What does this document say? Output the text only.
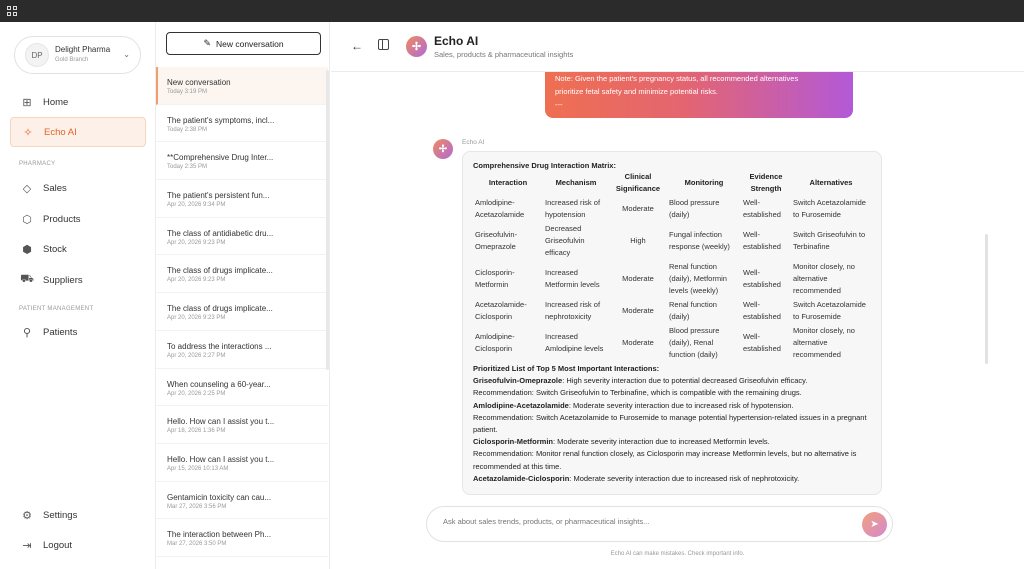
DP
Delight Pharma
Gold Branch
⌄
⊞ Home
✧ Echo AI
PHARMACY
◇ Sales
⬡ Products
⬢ Stock
⛟ Suppliers
PATIENT MANAGEMENT
⚲	Patients
⚙ Settings
⇥ Logout
✎ New conversation
New conversation
Today 3:19 PM
The patient's symptoms, incl...
Today 2:38 PM
**Comprehensive Drug Inter...
Today 2:35 PM
The patient's persistent fun...
Apr 20, 2026 9:34 PM
The class of antidiabetic dru...
Apr 20, 2026 9:23 PM
The class of drugs implicate...
Apr 20, 2026 9:23 PM
The class of drugs implicate...
Apr 20, 2026 9:23 PM
To address the interactions ...
Apr 20, 2026 2:27 PM
When counseling a 60-year...
Apr 20, 2026 2:25 PM
Hello. How can I assist you t...
Apr 18, 2026 1:36 PM
Hello. How can I assist you t...
Apr 15, 2026 10:13 AM
Gentamicin toxicity can cau...
Mar 27, 2026 3:56 PM
The interaction between Ph...
Mar 27, 2026 3:50 PM
←	✢	Echo AI
Sales, products & pharmaceutical insights

Note: Given the patient's pregnancy status, all recommended alternatives

prioritize fetal safety and minimize potential risks.

---

✢
Echo AI
Comprehensive Drug Interaction Matrix:
Interaction	Mechanism	Clinical Significance	Monitoring	Evidence Strength	Alternatives
Amlodipine-Acetazolamide	Increased risk of hypotension	Moderate	Blood pressure (daily)	Well-established	Switch Acetazolamide to Furosemide
Griseofulvin-Omeprazole	Decreased Griseofulvin efficacy	High	Fungal infection response (weekly)	Well-established	Switch Griseofulvin to Terbinafine
Ciclosporin-Metformin	Increased Metformin levels	Moderate	Renal function (daily), Metformin levels (weekly)	Well-established	Monitor closely, no alternative recommended
Acetazolamide-Ciclosporin	Increased risk of nephrotoxicity	Moderate	Renal function (daily)	Well-established	Switch Acetazolamide to Furosemide
Amlodipine-Ciclosporin	Increased Amlodipine levels	Moderate	Blood pressure (daily), Renal function (daily)	Well-established	Monitor closely, no alternative recommended
Prioritized List of Top 5 Most Important Interactions:
Griseofulvin-Omeprazole: High severity interaction due to potential decreased Griseofulvin efficacy.
Recommendation: Switch Griseofulvin to Terbinafine, which is compatible with the remaining drugs.
Amlodipine-Acetazolamide: Moderate severity interaction due to increased risk of hypotension.
Recommendation: Switch Acetazolamide to Furosemide to manage potential hypertension-related issues in a pregnant patient.
Ciclosporin-Metformin: Moderate severity interaction due to increased Metformin levels.
Recommendation: Monitor renal function closely, as Ciclosporin may increase Metformin levels, but no alternative is recommended at this time.
Acetazolamide-Ciclosporin: Moderate severity interaction due to increased risk of nephrotoxicity.
Ask about sales trends, products, or pharmaceutical insights...
➤
Echo AI can make mistakes. Check important info.
